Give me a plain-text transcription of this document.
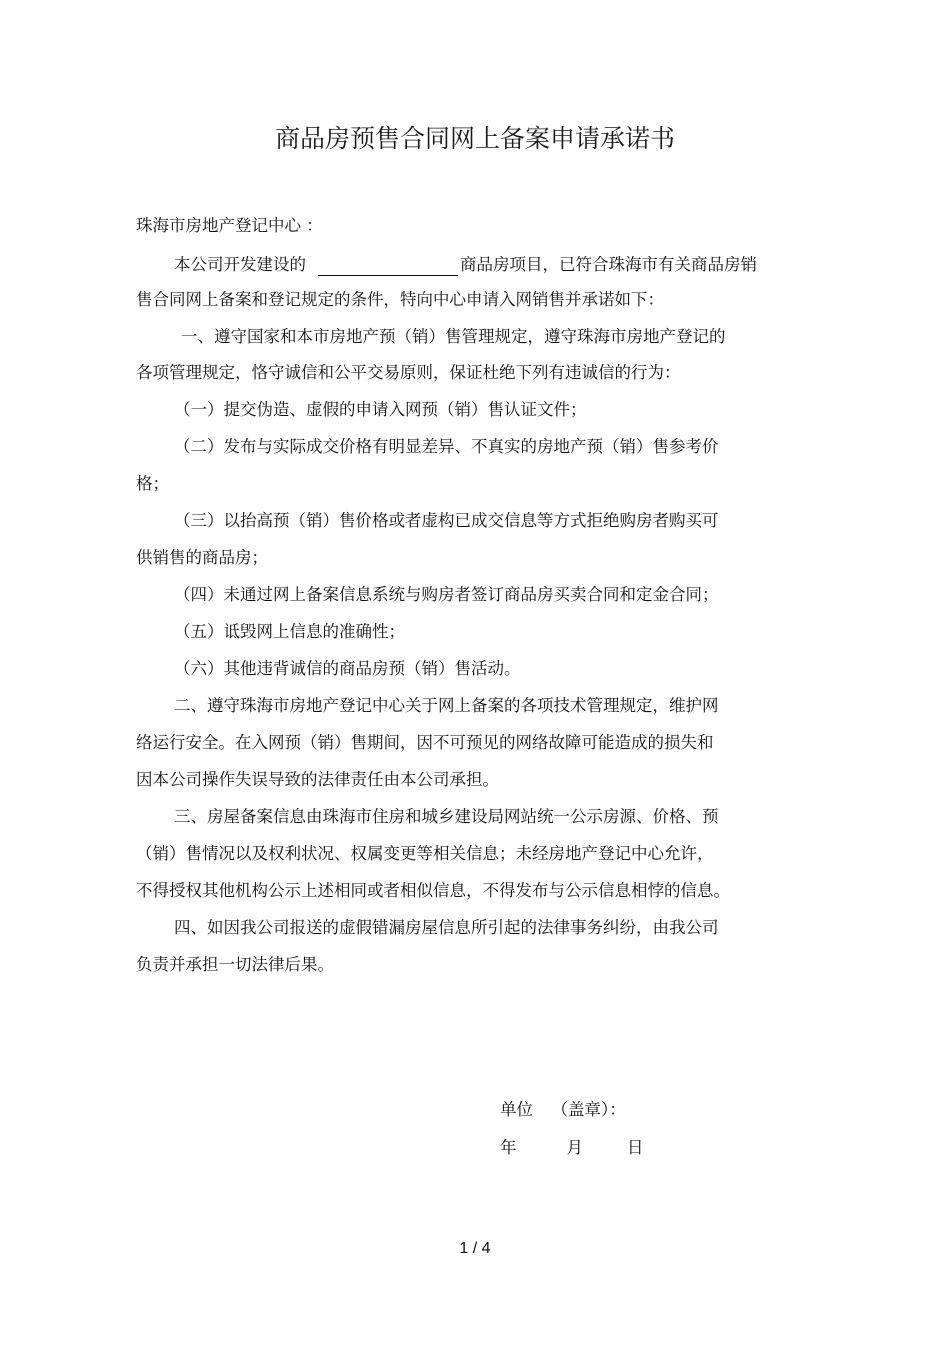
商品房预售合同网上备案申请承诺书
珠海市房地产登记中心 ：
本公司开发建设的	商品房项目，已符合珠海市有关商品房销
售合同网上备案和登记规定的条件，特向中心申请入网销售并承诺如下：
一、遵守国家和本市房地产预（销）售管理规定，遵守珠海市房地产登记的
各项管理规定，恪守诚信和公平交易原则，保证杜绝下列有违诚信的行为：
（一）提交伪造、虚假的申请入网预（销）售认证文件；
（二）发布与实际成交价格有明显差异、不真实的房地产预（销）售参考价
格；
（三）以抬高预（销）售价格或者虚构已成交信息等方式拒绝购房者购买可
供销售的商品房；
（四）未通过网上备案信息系统与购房者签订商品房买卖合同和定金合同；
（五）诋毁网上信息的准确性；
（六）其他违背诚信的商品房预（销）售活动。
二、遵守珠海市房地产登记中心关于网上备案的各项技术管理规定，维护网
络运行安全。在入网预（销）售期间，因不可预见的网络故障可能造成的损失和
因本公司操作失误导致的法律责任由本公司承担。
三、房屋备案信息由珠海市住房和城乡建设局网站统一公示房源、价格、预
（销）售情况以及权利状况、权属变更等相关信息；未经房地产登记中心允许，
不得授权其他机构公示上述相同或者相似信息，不得发布与公示信息相悖的信息。
四、如因我公司报送的虚假错漏房屋信息所引起的法律事务纠纷，由我公司
负责并承担一切法律后果。
单位 （盖章）：
年	月	日
1 / 4
